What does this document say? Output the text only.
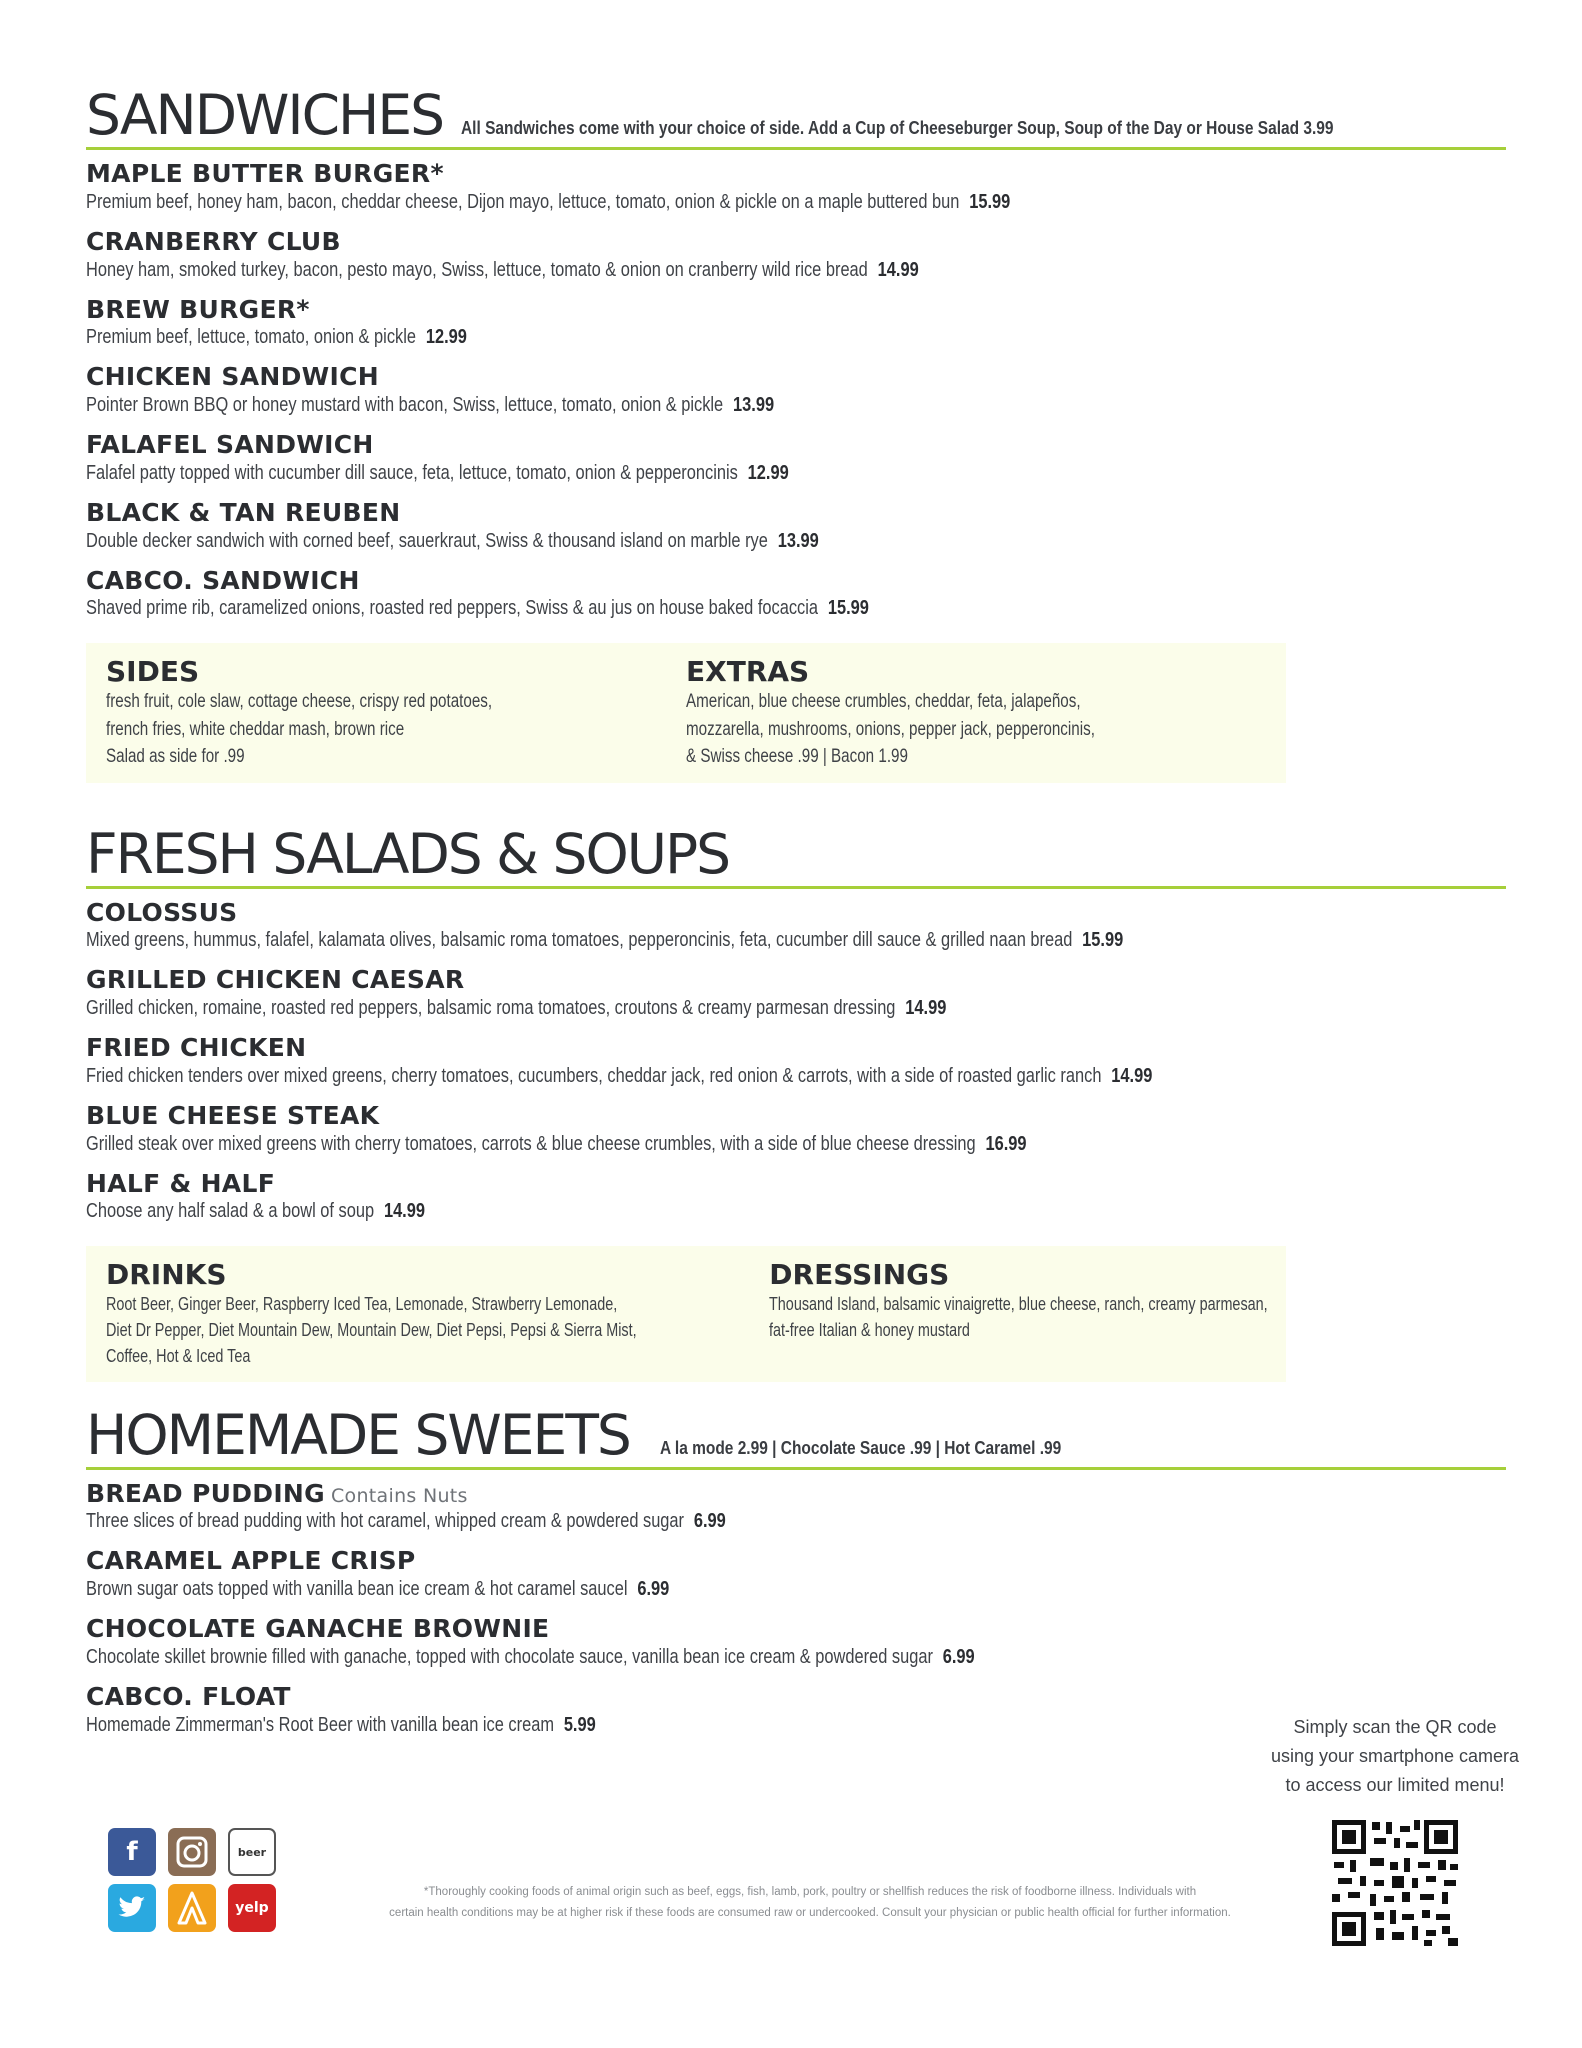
SANDWICHES All Sandwiches come with your choice of side. Add a Cup of Cheeseburger Soup, Soup of the Day or House Salad 3.99
MAPLE BUTTER BURGER*
Premium beef, honey ham, bacon, cheddar cheese, Dijon mayo, lettuce, tomato, onion & pickle on a maple buttered bun 15.99
CRANBERRY CLUB
Honey ham, smoked turkey, bacon, pesto mayo, Swiss, lettuce, tomato & onion on cranberry wild rice bread 14.99
BREW BURGER*
Premium beef, lettuce, tomato, onion & pickle 12.99
CHICKEN SANDWICH
Pointer Brown BBQ or honey mustard with bacon, Swiss, lettuce, tomato, onion & pickle 13.99
FALAFEL SANDWICH
Falafel patty topped with cucumber dill sauce, feta, lettuce, tomato, onion & pepperoncinis 12.99
BLACK & TAN REUBEN
Double decker sandwich with corned beef, sauerkraut, Swiss & thousand island on marble rye 13.99
CABCO. SANDWICH
Shaved prime rib, caramelized onions, roasted red peppers, Swiss & au jus on house baked focaccia 15.99
SIDES
fresh fruit, cole slaw, cottage cheese, crispy red potatoes,
french fries, white cheddar mash, brown rice
Salad as side for .99
EXTRAS
American, blue cheese crumbles, cheddar, feta, jalapeños,
mozzarella, mushrooms, onions, pepper jack, pepperoncinis,
& Swiss cheese .99 | Bacon 1.99
FRESH SALADS & SOUPS
COLOSSUS
Mixed greens, hummus, falafel, kalamata olives, balsamic roma tomatoes, pepperoncinis, feta, cucumber dill sauce & grilled naan bread 15.99
GRILLED CHICKEN CAESAR
Grilled chicken, romaine, roasted red peppers, balsamic roma tomatoes, croutons & creamy parmesan dressing 14.99
FRIED CHICKEN
Fried chicken tenders over mixed greens, cherry tomatoes, cucumbers, cheddar jack, red onion & carrots, with a side of roasted garlic ranch 14.99
BLUE CHEESE STEAK
Grilled steak over mixed greens with cherry tomatoes, carrots & blue cheese crumbles, with a side of blue cheese dressing 16.99
HALF & HALF
Choose any half salad & a bowl of soup 14.99
DRINKS
Root Beer, Ginger Beer, Raspberry Iced Tea, Lemonade, Strawberry Lemonade,
Diet Dr Pepper, Diet Mountain Dew, Mountain Dew, Diet Pepsi, Pepsi & Sierra Mist,
Coffee, Hot & Iced Tea
DRESSINGS
Thousand Island, balsamic vinaigrette, blue cheese, ranch, creamy parmesan,
fat-free Italian & honey mustard
HOMEMADE SWEETS A la mode 2.99 | Chocolate Sauce .99 | Hot Caramel .99
BREAD PUDDING Contains Nuts
Three slices of bread pudding with hot caramel, whipped cream & powdered sugar 6.99
CARAMEL APPLE CRISP
Brown sugar oats topped with vanilla bean ice cream & hot caramel saucel 6.99
CHOCOLATE GANACHE BROWNIE
Chocolate skillet brownie filled with ganache, topped with chocolate sauce, vanilla bean ice cream & powdered sugar 6.99
CABCO. FLOAT
Homemade Zimmerman's Root Beer with vanilla bean ice cream 5.99
f	beer
yelp
*Thoroughly cooking foods of animal origin such as beef, eggs, fish, lamb, pork, poultry or shellfish reduces the risk of foodborne illness. Individuals with
certain health conditions may be at higher risk if these foods are consumed raw or undercooked. Consult your physician or public health official for further information.
Simply scan the QR code
using your smartphone camera
to access our limited menu!
